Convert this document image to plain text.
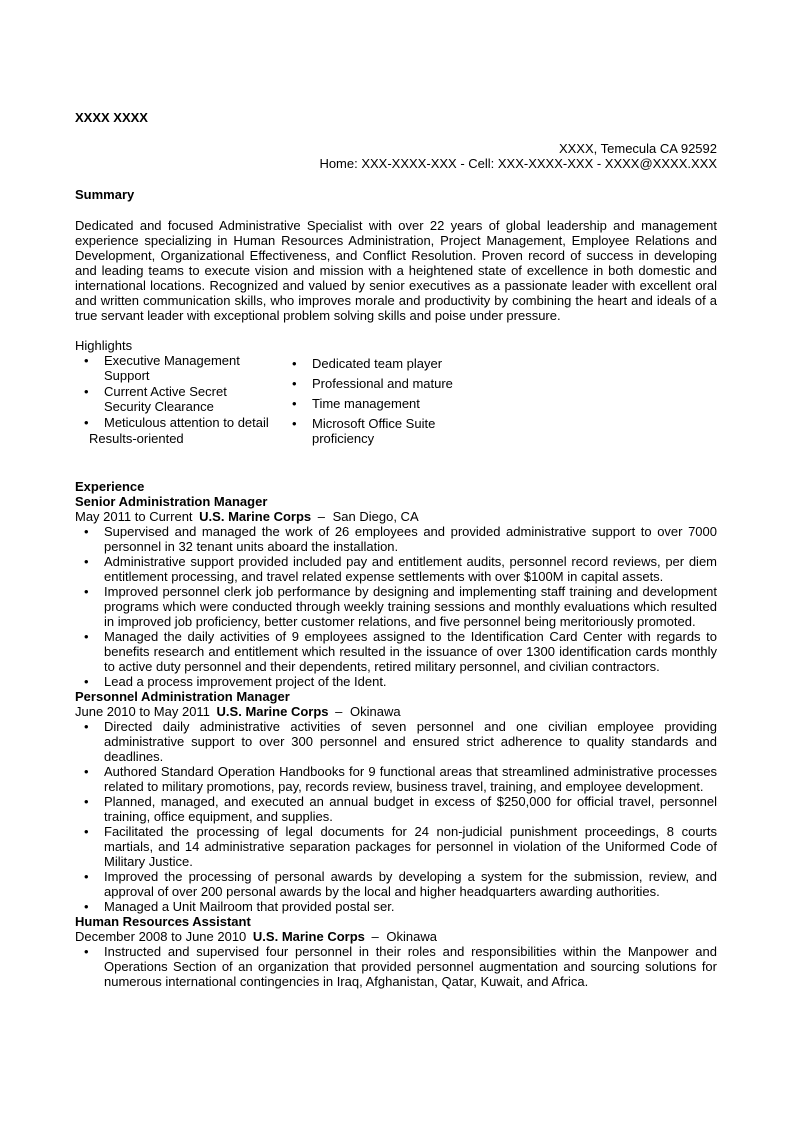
XXXX XXXX
XXXX, Temecula CA 92592
Home: XXX-XXXX-XXX - Cell: XXX-XXXX-XXX - XXXX@XXXX.XXX
Summary

Dedicated and focused Administrative Specialist with over 22 years of global leadership and management experience specializing in Human Resources Administration, Project Management, Employee Relations and Development, Organizational Effectiveness, and Conflict Resolution. Proven record of success in developing and leading teams to execute vision and mission with a heightened state of excellence in both domestic and international locations. Recognized and valued by senior executives as a passionate leader with excellent oral and written communication skills, who improves morale and productivity by combining the heart and ideals of a true servant leader with exceptional problem solving skills and poise under pressure.

Highlights
• Executive Management Support
• Current Active Secret Security Clearance
• Meticulous attention to detail
Results-oriented
• Dedicated team player
• Professional and mature
• Time management
• Microsoft Office Suite proficiency
Experience
Senior Administration Manager
May 2011 to Current U.S. Marine Corps – San Diego, CA
• Supervised and managed the work of 26 employees and provided administrative support to over 7000 personnel in 32 tenant units aboard the installation.
• Administrative support provided included pay and entitlement audits, personnel record reviews, per diem entitlement processing, and travel related expense settlements with over $100M in capital assets.
• Improved personnel clerk job performance by designing and implementing staff training and development programs which were conducted through weekly training sessions and monthly evaluations which resulted in improved job proficiency, better customer relations, and five personnel being meritoriously promoted.
• Managed the daily activities of 9 employees assigned to the Identification Card Center with regards to benefits research and entitlement which resulted in the issuance of over 1300 identification cards monthly to active duty personnel and their dependents, retired military personnel, and civilian contractors.
• Lead a process improvement project of the Ident.
Personnel Administration Manager
June 2010 to May 2011 U.S. Marine Corps – Okinawa
• Directed daily administrative activities of seven personnel and one civilian employee providing administrative support to over 300 personnel and ensured strict adherence to quality standards and deadlines.
• Authored Standard Operation Handbooks for 9 functional areas that streamlined administrative processes related to military promotions, pay, records review, business travel, training, and employee development.
• Planned, managed, and executed an annual budget in excess of $250,000 for official travel, personnel training, office equipment, and supplies.
• Facilitated the processing of legal documents for 24 non-judicial punishment proceedings, 8 courts martials, and 14 administrative separation packages for personnel in violation of the Uniformed Code of Military Justice.
• Improved the processing of personal awards by developing a system for the submission, review, and approval of over 200 personal awards by the local and higher headquarters awarding authorities.
• Managed a Unit Mailroom that provided postal ser.
Human Resources Assistant
December 2008 to June 2010 U.S. Marine Corps – Okinawa
• Instructed and supervised four personnel in their roles and responsibilities within the Manpower and Operations Section of an organization that provided personnel augmentation and sourcing solutions for numerous international contingencies in Iraq, Afghanistan, Qatar, Kuwait, and Africa.
